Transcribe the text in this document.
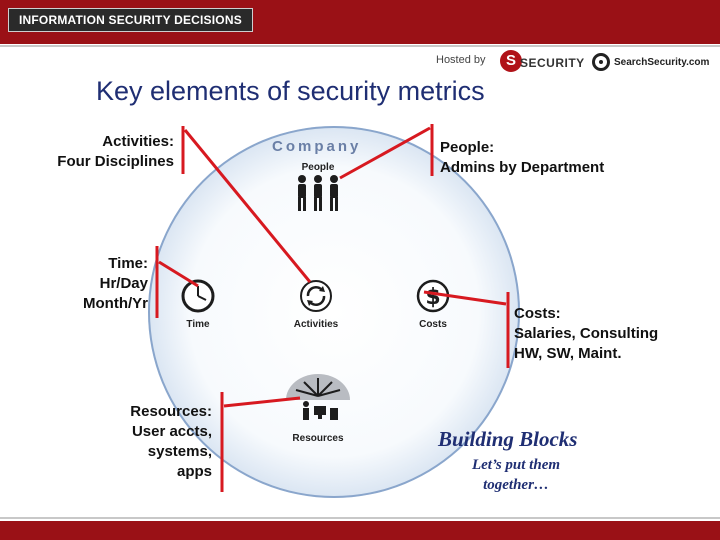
INFORMATION SECURITY DECISIONS
Hosted by	S SECURITY	SearchSecurity.com
Key elements of security metrics
Company
People
Time	Activities
$
Costs
Resources
Activities:
Four Disciplines
People:
Admins by Department
Time:
Hr/Day
Month/Yr
Costs:
Salaries, Consulting
HW, SW, Maint.
Resources:
User accts,
systems,
apps
Building Blocks
Let’s put them
together…
